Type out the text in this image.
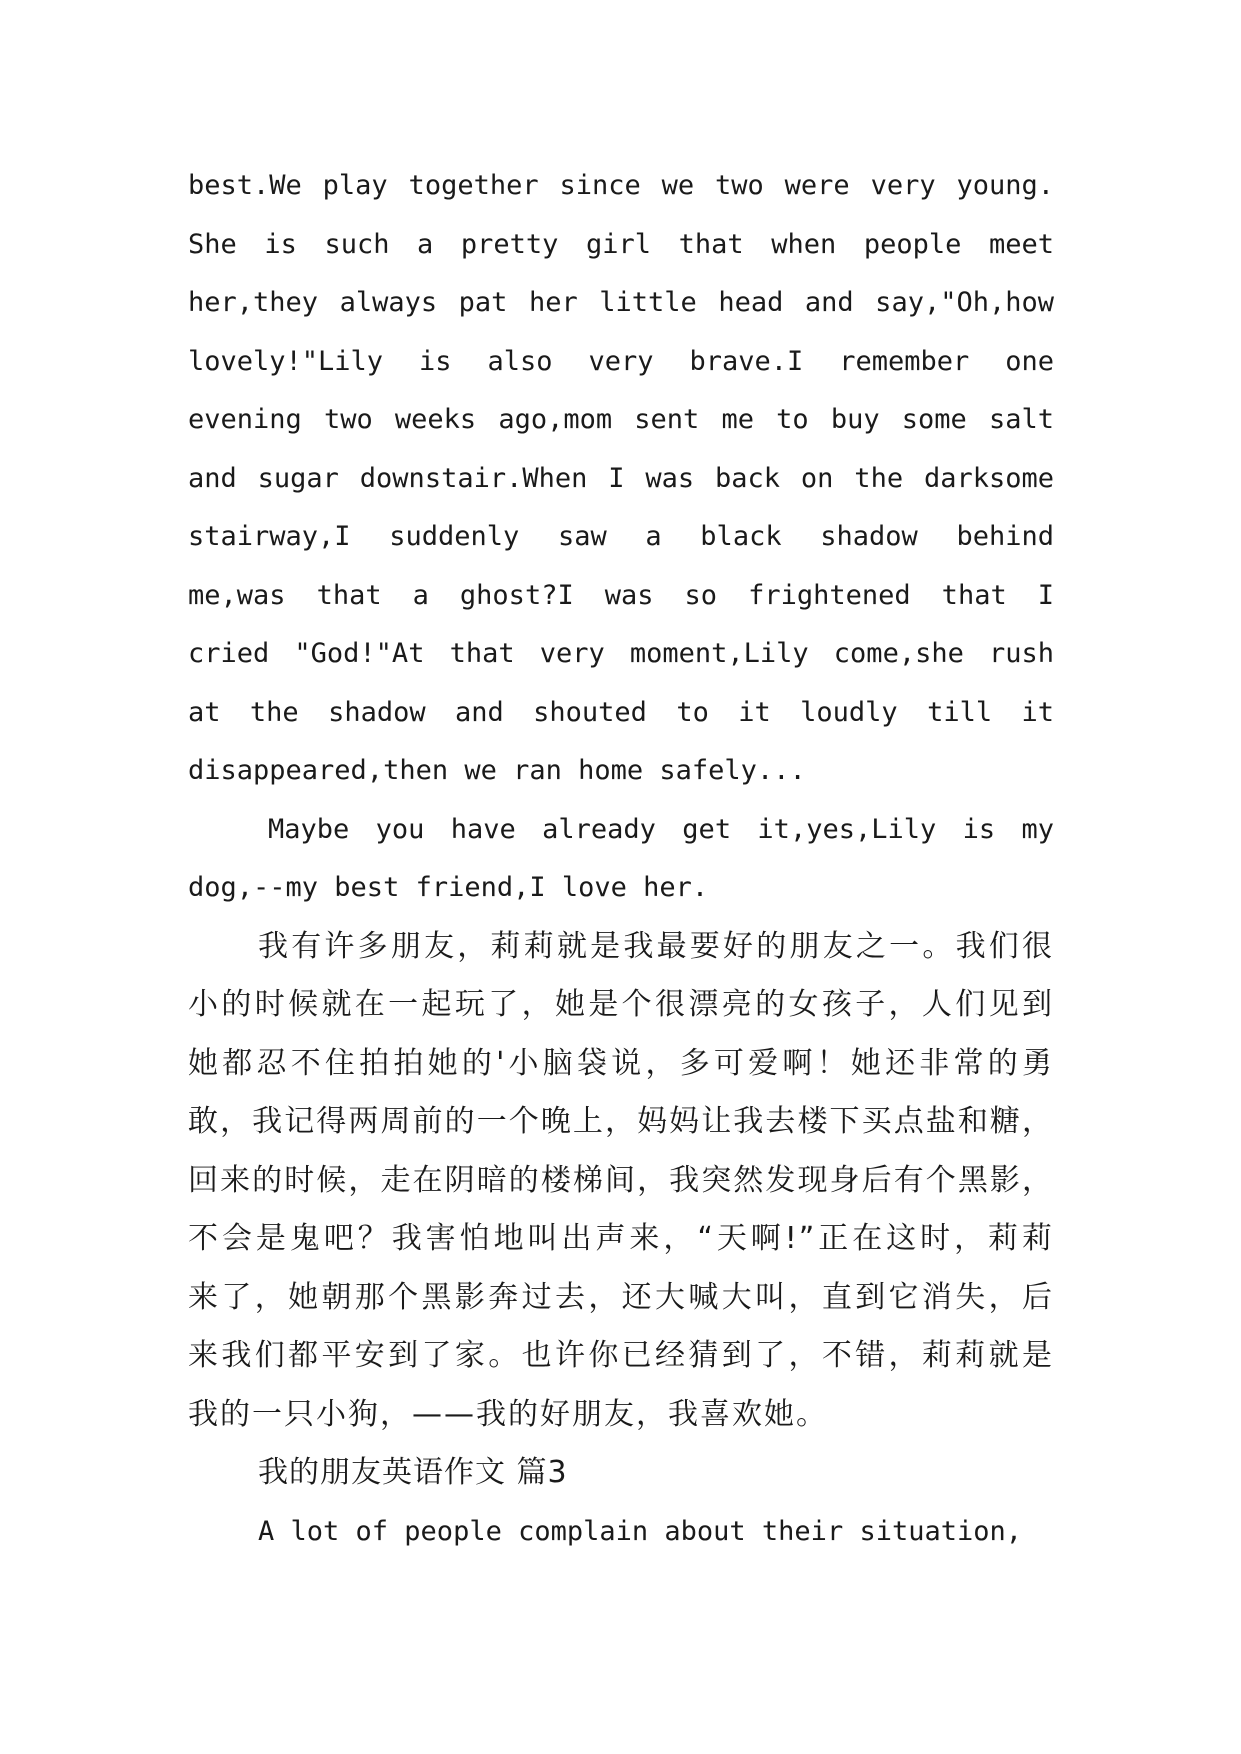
best.We play together since we two were very young.
She is such a pretty girl that when people meet
her,they always pat her little head and say,"Oh,how
lovely!"Lily is also very brave.I remember one
evening two weeks ago,mom sent me to buy some salt
and sugar downstair.When I was back on the darksome
stairway,I suddenly saw a black shadow behind
me,was that a ghost?I was so frightened that I
cried "God!"At that very moment,Lily come,she rush
at the shadow and shouted to it loudly till it
disappeared,then we ran home safely...
Maybe you have already get it,yes,Lily is my
dog,--my best friend,I love her.
我有许多朋友，莉莉就是我最要好的朋友之一。我们很
小的时候就在一起玩了，她是个很漂亮的女孩子，人们见到
她都忍不住拍拍她的'小脑袋说，多可爱啊！她还非常的勇
敢，我记得两周前的一个晚上，妈妈让我去楼下买点盐和糖，
回来的时候，走在阴暗的楼梯间，我突然发现身后有个黑影，
不会是鬼吧？我害怕地叫出声来，“天啊!”正在这时，莉莉
来了，她朝那个黑影奔过去，还大喊大叫，直到它消失，后
来我们都平安到了家。也许你已经猜到了，不错，莉莉就是
我的一只小狗，——我的好朋友，我喜欢她。
我的朋友英语作文 篇3
A lot of people complain about their situation,
